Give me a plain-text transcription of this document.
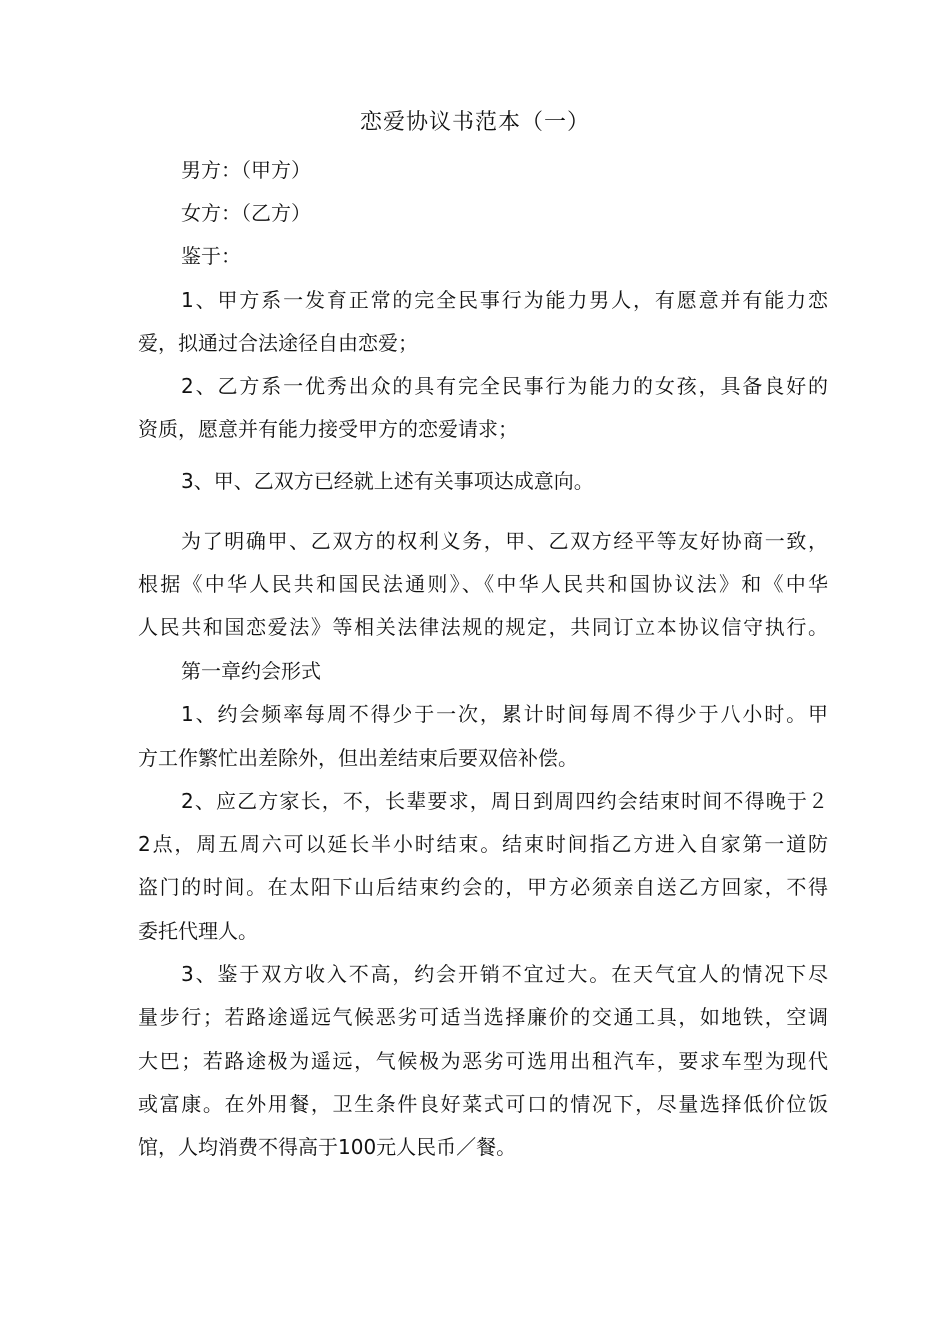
恋爱协议书范本（一）
男方：（甲方）
女方：（乙方）
鉴于：
1、甲方系一发育正常的完全民事行为能力男人，有愿意并有能力恋
爱，拟通过合法途径自由恋爱；
2、乙方系一优秀出众的具有完全民事行为能力的女孩，具备良好的
资质，愿意并有能力接受甲方的恋爱请求；
3、甲、乙双方已经就上述有关事项达成意向。
为了明确甲、乙双方的权利义务，甲、乙双方经平等友好协商一致，
根据《中华人民共和国民法通则》、《中华人民共和国协议法》和《中华
人民共和国恋爱法》等相关法律法规的规定，共同订立本协议信守执行。
第一章约会形式
1、约会频率每周不得少于一次，累计时间每周不得少于八小时。甲
方工作繁忙出差除外，但出差结束后要双倍补偿。
2、应乙方家长，不，长辈要求，周日到周四约会结束时间不得晚于２
2点，周五周六可以延长半小时结束。结束时间指乙方进入自家第一道防
盗门的时间。在太阳下山后结束约会的，甲方必须亲自送乙方回家，不得
委托代理人。
3、鉴于双方收入不高，约会开销不宜过大。在天气宜人的情况下尽
量步行；若路途遥远气候恶劣可适当选择廉价的交通工具，如地铁，空调
大巴；若路途极为遥远，气候极为恶劣可选用出租汽车，要求车型为现代
或富康。在外用餐，卫生条件良好菜式可口的情况下，尽量选择低价位饭
馆，人均消费不得高于100元人民币／餐。
